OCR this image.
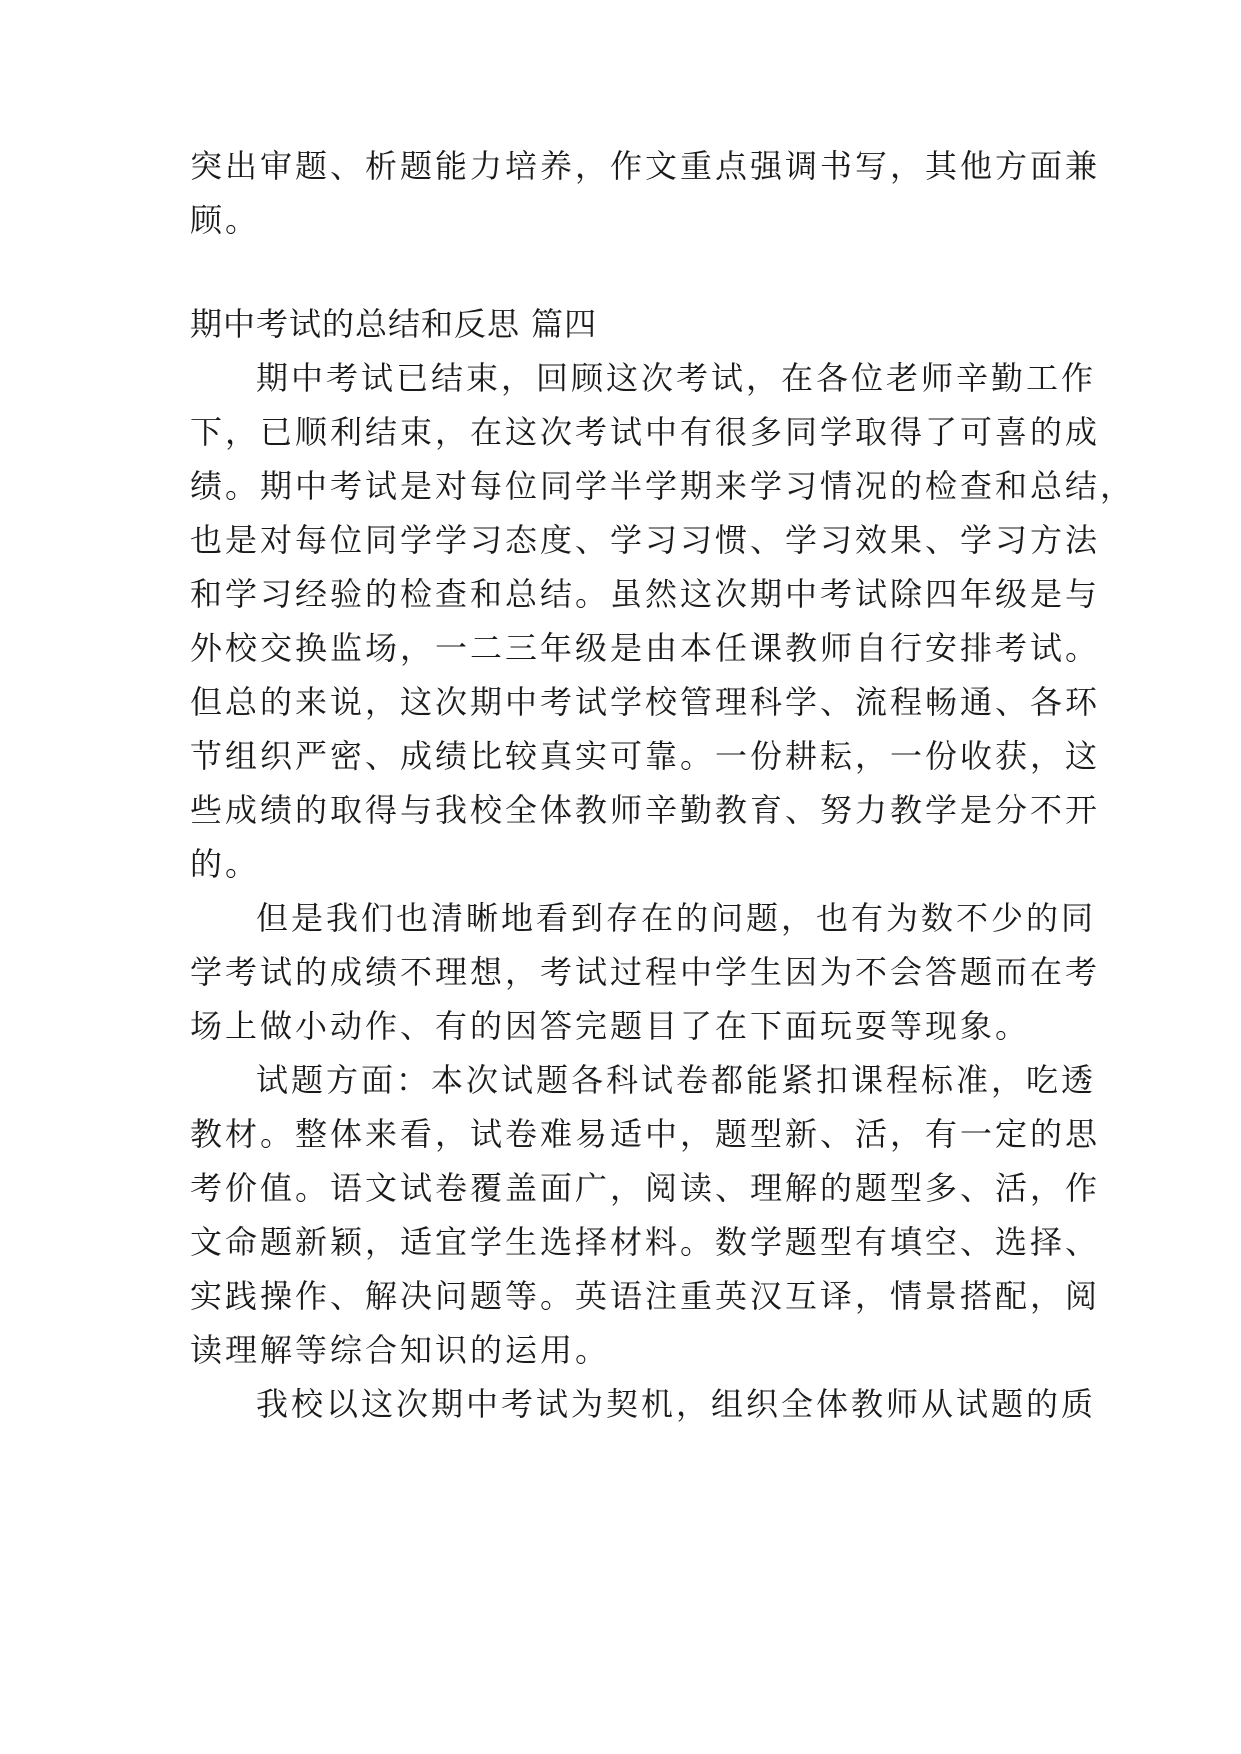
突出审题、析题能力培养，作文重点强调书写，其他方面兼
顾。
期中考试的总结和反思 篇四
期中考试已结束，回顾这次考试，在各位老师辛勤工作
下，已顺利结束，在这次考试中有很多同学取得了可喜的成
绩。期中考试是对每位同学半学期来学习情况的检查和总结，
也是对每位同学学习态度、学习习惯、学习效果、学习方法
和学习经验的检查和总结。虽然这次期中考试除四年级是与
外校交换监场，一二三年级是由本任课教师自行安排考试。
但总的来说，这次期中考试学校管理科学、流程畅通、各环
节组织严密、成绩比较真实可靠。一份耕耘，一份收获，这
些成绩的取得与我校全体教师辛勤教育、努力教学是分不开
的。
但是我们也清晰地看到存在的问题，也有为数不少的同
学考试的成绩不理想，考试过程中学生因为不会答题而在考
场上做小动作、有的因答完题目了在下面玩耍等现象。
试题方面：本次试题各科试卷都能紧扣课程标准，吃透
教材。整体来看，试卷难易适中，题型新、活，有一定的思
考价值。语文试卷覆盖面广，阅读、理解的题型多、活，作
文命题新颖，适宜学生选择材料。数学题型有填空、选择、
实践操作、解决问题等。英语注重英汉互译，情景搭配，阅
读理解等综合知识的运用。
我校以这次期中考试为契机，组织全体教师从试题的质
